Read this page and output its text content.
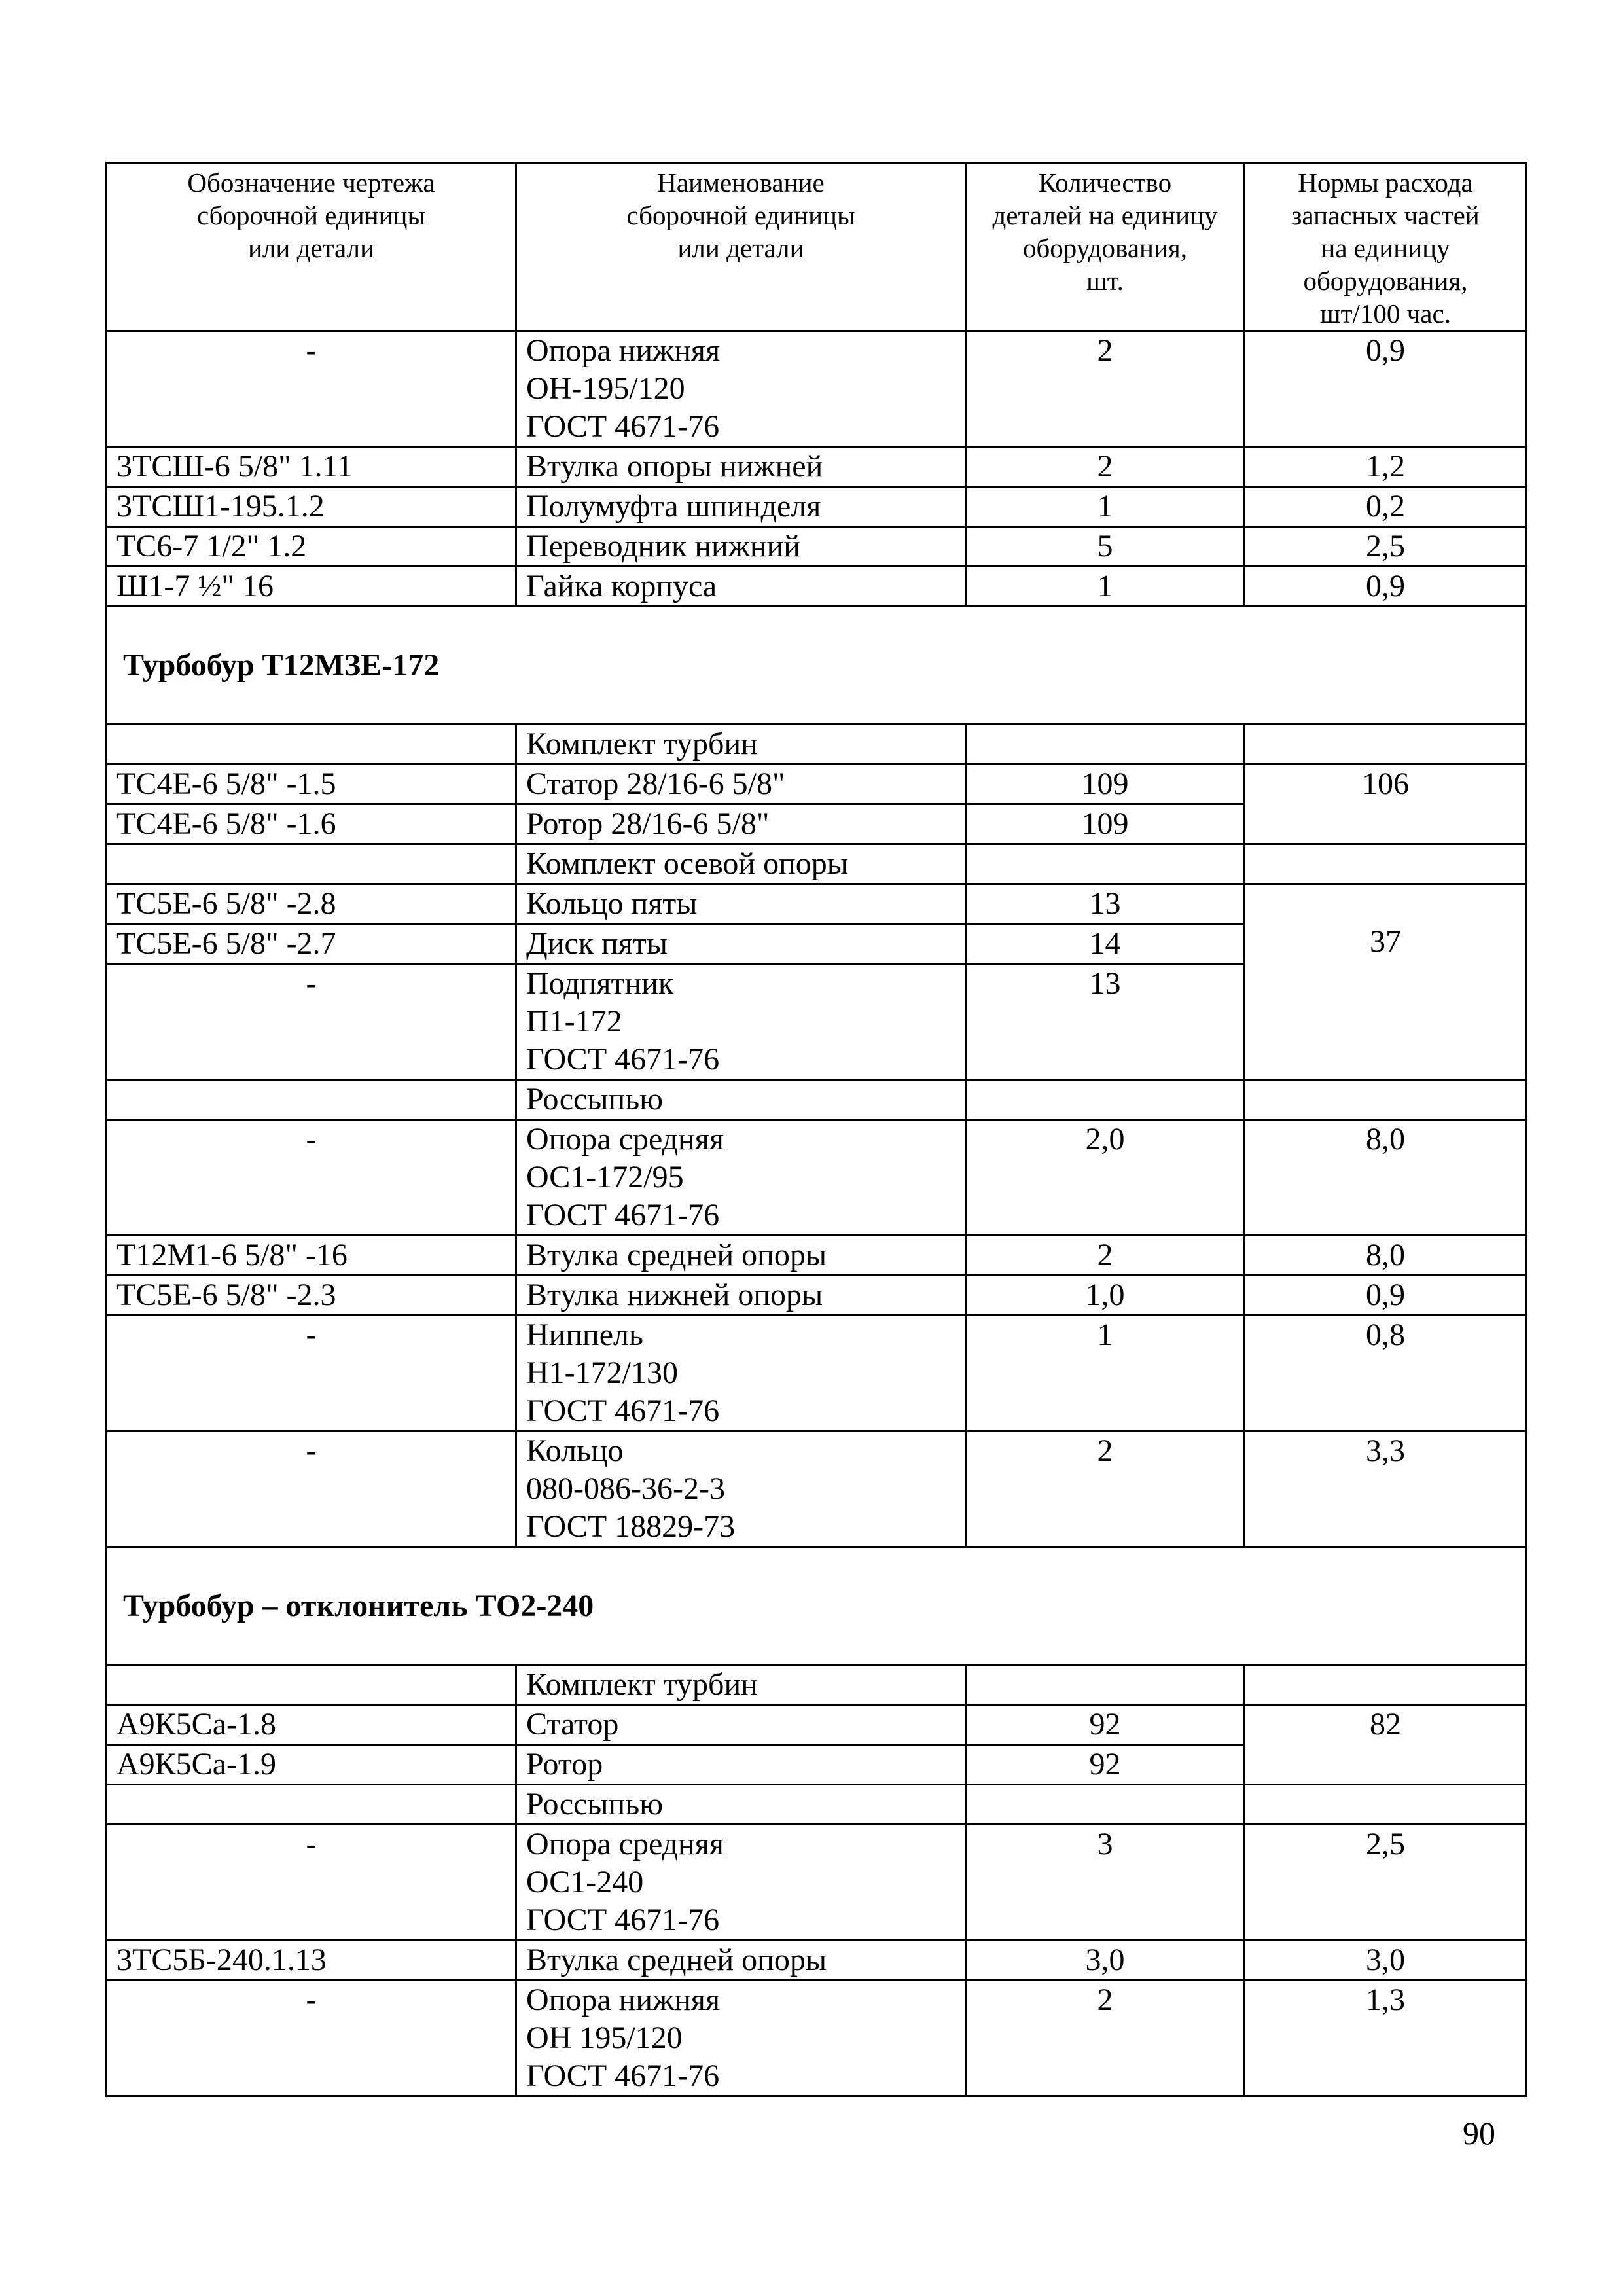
Обозначение чертежа
сборочной единицы
или детали	Наименование
сборочной единицы
или детали	Количество
деталей на единицу
оборудования,
шт.	Нормы расхода
запасных частей
на единицу
оборудования,
шт/100 час.

-	Опора нижняя
ОН-195/120
ГОСТ 4671-76	2	0,9
3ТСШ-6 5/8" 1.11	Втулка опоры нижней	2	1,2
3ТСШ1-195.1.2	Полумуфта шпинделя	1	0,2
ТС6-7 1/2" 1.2	Переводник нижний	5	2,5
Ш1-7 ½" 16	Гайка корпуса	1	0,9
Турбобур Т12МЗЕ-172			
	Комплект турбин		
ТС4Е-6 5/8" -1.5	Статор 28/16-6 5/8"	109	106
ТС4Е-6 5/8" -1.6	Ротор 28/16-6 5/8"	109	
	Комплект осевой опоры		
ТС5Е-6 5/8" -2.8	Кольцо пяты	13	37
ТС5Е-6 5/8" -2.7	Диск пяты	14	
-	Подпятник
П1-172
ГОСТ 4671-76	13	
	Россыпью		
-	Опора средняя
ОС1-172/95
ГОСТ 4671-76	2,0	8,0
Т12М1-6 5/8" -16	Втулка средней опоры	2	8,0
ТС5Е-6 5/8" -2.3	Втулка нижней опоры	1,0	0,9
-	Ниппель
Н1-172/130
ГОСТ 4671-76	1	0,8
-	Кольцо
080-086-36-2-3
ГОСТ 18829-73	2	3,3
Турбобур – отклонитель ТО2-240			
	Комплект турбин		
А9К5Са-1.8	Статор	92	82
А9К5Са-1.9	Ротор	92	
	Россыпью		
-	Опора средняя
ОС1-240
ГОСТ 4671-76	3	2,5
3ТС5Б-240.1.13	Втулка средней опоры	3,0	3,0
-	Опора нижняя
ОН 195/120
ГОСТ 4671-76	2	1,3
90
